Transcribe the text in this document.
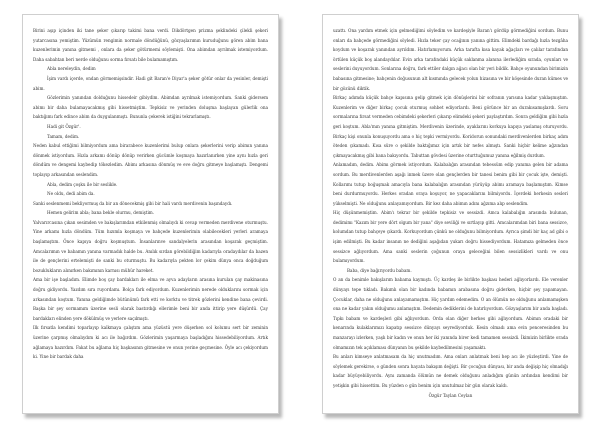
Birini aşıp içinden iki tane şeker çıkarıp takimi bana verdi. Dikdörtgen prizma şeklindeki çilekli şekeri yutarcasına yemiştim. Yüzümün rengimin normale döndüğünü, gözyaşlarımın kuruduğunu gören abim bana kuzenlerimin yanına gitmemi , onlara da şeker götürmemi söylemişti. Ona abimdan ayrılmak istemiyordum. Daha sabahtan beri nerde olduğunu sorma fırsatı bile bulamamıştım.

Abla nereleydin, dedim

İşim vardı içerde, ondan görmemişsindir. Hadi git Baran'e Diyar'a şeker götür onlar da yesinler, demişti abim.

Gözlerimin yanından dolduğunu hissedeir gibiydim. Abimdan ayrılmak istemiyordum. Sanki gidersem abimı bir daha bulamayacakmış gibi hissetmiştim. Tepkisiz ve yerinden doluşma başlayan gülerlik ona baktığımı fark edince abim da duygulanmıştı. Bununla çekerek istiğini tekrarlamıştı.

Hadi git Özgür'.

Tamam, dedim.

Neden kabul ettiğimi bilmiyordum ama birarabece kuzenlerimi bulup onlara şekerlerini verip abimın yanına dönmek istiyordum. Hızla arkamı dönüp dönüp verirken gücümle koşmaya hazırlanırken yine aynı hızla geri döndüm ve dengemi kaybedip tökezledim. Abimı arkasına dönmüş ve eve doğru gitmeye başlamıştı. Dengemi toplayıp arkasından seslendim.

Abla, dedim çoşku ile bir seslikle.

Ne oldu, dedi abim da.

Sanki seslenmemi bekliyormuş da bir an dönecekmiş gibi bir hali vardı merdivenin başındaydı.

Hemen gelirim abla; bana bekle olurmu, demiştim.

Yalvarırcasına çıkan sesimden ve bakışlarımdan etkilenmiş olmalıydı ki cevap vermeden merdivene oturmuştu. Yine arkamı hızla döndüm. Tüm hızımla koşmaya ve bahçede kuzenlerimin olabilecekleri yerleri aramaya başlamıştım. Önce kapıya doğru koşmuştum. İnsanlarınve sandalyelerin arasından koşarak geçmiştim. Amcalarımın ve babamın yanına varmadık halde bu. Anılık sırdan görebildiğim kadarıyla oradaydılar da bazen ile de gençlerini ertelemişti de sanki bu oturmuştu. Bu kadarıyla pekten lor çekim dünya onca doğduğum bozuklukların alınırken bakımının karnısı mühür hareket.

Ama bir işe başladım. Elimde boş çay bardakları ile elma ve ayva adayların arasına kurulan çay makinasına doğru gidiyordu. Yazdım sıra ruyordamı. Bolça fark ediyordum. Kuzenlerimin nerede olduklarını sormak için arkasından koştum. Yanına geldiğimde bütünümü fark etti ve korktu ve titrek gözlerini kendine bana çevirdi. Başka bir şey sormamım üzerine sesli olarak bastırdığı ellerimle beni bir anda ittirip yere düşürdü. Çay bardakları elinden yere dökülmüş ve yerlere saçılmıştı.

Ilk fırsatla kendimi toparlayıp kalkmaya çalıştım ama yüzüstü yere düşerken sol kolumu sert bir zeminin üzerine çarpmış olmalıydım ki acı ile bağırdım. Gözlerimin yaşarmaya başladığını hissedebiliyordum. Artık ağlamaya hazırdım. Fakat bu ağlama hiç başkasının gitmesine ve onun yerine geçmesine. Öyle acı çekiyordum ki. Yine bir bardak daha

uzattı. Ona yardım etmek için gelmediğimi söyledim ve kardeşiyle Baran'ı gördüp görmediğini sordum. Bunu onları da bahçede görmediğini söyledi. Hızla teker çay ocağının yanına gittim. Elimdeki bardağı hızla tezgâha koydum ve koşarak yanından ayrıldım. Hatırlamıyorum. Arka tarafta kısa kayak ağaçları ve çalılar tarafından örtülen küçük boş alandaydılar. Evin arka tarafındaki küçük saklanma alanına ilerlediğim sırada, oyunları ve seslerini duyuyordum. Sonlarına doğru, fark ettiler dalgın ağacı olan bir yeri bildik. Bahçe oyunundan birimizin babasına gitmesine; bahçenin doğusunun alt kısmında gelecek yolun hizasına ve bir köşesinde duran kümes ve bir gözünü diktik.

Birkaç adımda küçük bahçe kapısına gelip gitmek için dönüşlerini bir sofranın yarısına kadar yaklaşmıştım. Kuzenlerim ve diğer birkaç çocuk oturmuş sohbet ediyorlardı. Beni görünce bir an durakısamışlardı. Soru sormalarına fırsat vermeden cebimdeki şekerleri çıkarıp elimdeki şekeri paylaştırdım. Sonra geldiğim gibi hızla geri koştum. Abla'mın yanına gitmiştim. Merdivenin üzerinde, ayaklarını korkuya kapıya yaslamış oturuyordu. Birkaç kişi onunla konuşuyordu ama o hiç tepki vermiyordu. Koridorun sonundaki merdivenlerden birkaç adım öteden çıkamadı. Kısa süre o şekilde baktığımız için artık bir nefes almıştı. Sanki hiçbir kelime ağzından çıkmayacakmış gibi bana bakıyordu. Tabuttan gövdesi üzerine oturttuğumuz yanına eğilmiş durdum.

Anlamadım, dedim. Abimı görmek istiyordum. Kalabalığın arasından tebessüm edip yanıma gelen bir adama sordum. Bu merdivenlerden aşağı inmek üzere olan gençlerden bir tanesi benim gibi bir çocuk işte, demişti. Kollarımı tutup boğuşmak amacıyla bana kalabalığın arasından yürüyüp abimı aramaya başlamıştım. Kimse beni durdurmuyordu. Herkes oradan oraya koşuyor, ne yapacaklarını bilmiyordu. İçerdeki herkesin sesleri yükselmişti. Ne olduğunu anlayamıyordum. Bir kez daha abimın adını ağzıma alıp seslendim.

Hiç düşünmemiştim. Abim'ı tekrar bir şekilde tepkisiz ve sessizdi. Amca kalabalığın arasında bulunan, dedimimı "Kazım bir yere dört olgum bir yana" diye seviliği ve sırtlayıp gitti. Amcalarımdan biri bana sessizce, kolumdan tutup bahçeye çıkardı. Korkuyordum çünkü ne olduğunu bilmiyordum. Ayrıca şimdi bir kaç ad gibi o işim edilmişti. Bu kadar insanın ne dediğini aşağıdan yukarı doğru hissediyordum. Hatamıza gelmeden önce sessizce ağlıyordum. Ama sanki seslerin çoğunun oraya geleceğini bilen sessizlikleri vardı ve onu bulamıyordum.

Baba, diye bağırıyordu babam.

O an da benimle bakışlarım babama kaymıştı. Üç kardeş ile birlikte başkası hederi ağlıyorlardı. Ele verenler dünyayı tepe tıkladı. Bakımlı olan bir kadında babamın arabasına doğru giderken, hiçbir şey yapamayan. Çocuklar, daha ne olduğunu anlayamamıştım. Hiç yardım edemedim. O an ölümün ne olduğunu anlamamışken ona ne kadar yakın olduğumu anlamıştım. Dedemin dediklerini de hatırlıyordum. Gözyaşlarım bir anda başladı. Tıpkı babam ve kardeşleri gibi ağlıyordum. Orda olan diğer herkes gibi ağlıyordum. Abimın oradaki bir kenarında kulaklarımızı kapatıp sessizce dünyayı seyrediyorduk. Kesin olmadı ama evin penceresinden bu manzarayı izlerken, yaşlı bir kadın ve onun her iki yanında birer kedi tamamen sessizdi. İkimizin birlikte orada olmamızın tek açıklaması dünyanın bu şekilde kaybedilmesini yaşamaktı.

Bu anları kimseye anlatmasam da hiç unutmadım. Ama onları anlatmak beni hep acı ile yüzleştirdi. Yine de söylemek gerekirse, o günden sonra hayata bakışım değişti. Bir çocuğun dünyası, bir anda değişip hiç olmadığı kadar büyüyebiliyordu. Aynı zamanda ölümün ne demek olduğunu anladığım günün ardından kendimi bir yetişkin gibi hissettim. Bu yüzden o gün benim için unutulmaz bir gün olarak kaldı.

Özgür Taylan Ceylan
